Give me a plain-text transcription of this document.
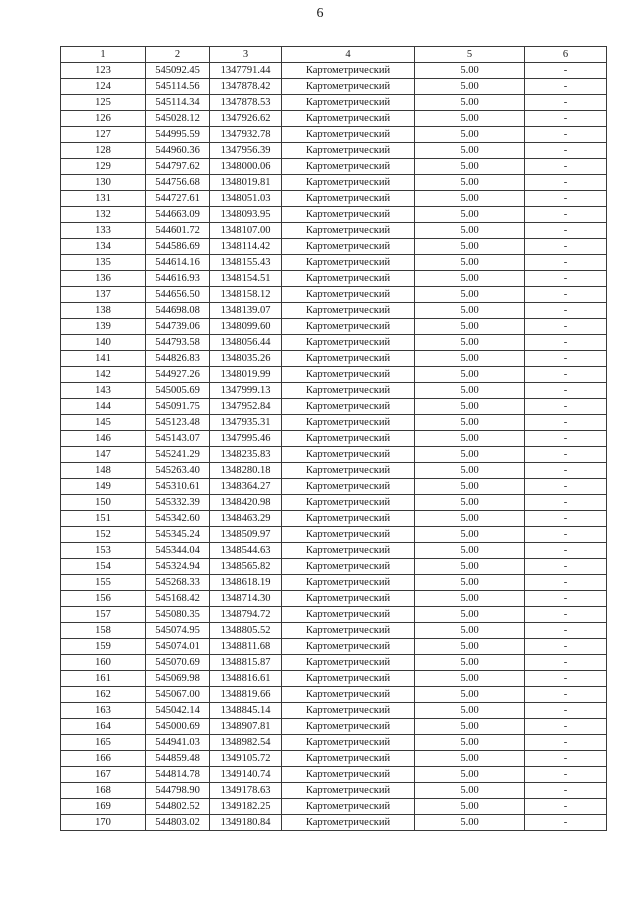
6
1	2	3	4	5	6
123	545092.45	1347791.44	Картометрический	5.00	-
124	545114.56	1347878.42	Картометрический	5.00	-
125	545114.34	1347878.53	Картометрический	5.00	-
126	545028.12	1347926.62	Картометрический	5.00	-
127	544995.59	1347932.78	Картометрический	5.00	-
128	544960.36	1347956.39	Картометрический	5.00	-
129	544797.62	1348000.06	Картометрический	5.00	-
130	544756.68	1348019.81	Картометрический	5.00	-
131	544727.61	1348051.03	Картометрический	5.00	-
132	544663.09	1348093.95	Картометрический	5.00	-
133	544601.72	1348107.00	Картометрический	5.00	-
134	544586.69	1348114.42	Картометрический	5.00	-
135	544614.16	1348155.43	Картометрический	5.00	-
136	544616.93	1348154.51	Картометрический	5.00	-
137	544656.50	1348158.12	Картометрический	5.00	-
138	544698.08	1348139.07	Картометрический	5.00	-
139	544739.06	1348099.60	Картометрический	5.00	-
140	544793.58	1348056.44	Картометрический	5.00	-
141	544826.83	1348035.26	Картометрический	5.00	-
142	544927.26	1348019.99	Картометрический	5.00	-
143	545005.69	1347999.13	Картометрический	5.00	-
144	545091.75	1347952.84	Картометрический	5.00	-
145	545123.48	1347935.31	Картометрический	5.00	-
146	545143.07	1347995.46	Картометрический	5.00	-
147	545241.29	1348235.83	Картометрический	5.00	-
148	545263.40	1348280.18	Картометрический	5.00	-
149	545310.61	1348364.27	Картометрический	5.00	-
150	545332.39	1348420.98	Картометрический	5.00	-
151	545342.60	1348463.29	Картометрический	5.00	-
152	545345.24	1348509.97	Картометрический	5.00	-
153	545344.04	1348544.63	Картометрический	5.00	-
154	545324.94	1348565.82	Картометрический	5.00	-
155	545268.33	1348618.19	Картометрический	5.00	-
156	545168.42	1348714.30	Картометрический	5.00	-
157	545080.35	1348794.72	Картометрический	5.00	-
158	545074.95	1348805.52	Картометрический	5.00	-
159	545074.01	1348811.68	Картометрический	5.00	-
160	545070.69	1348815.87	Картометрический	5.00	-
161	545069.98	1348816.61	Картометрический	5.00	-
162	545067.00	1348819.66	Картометрический	5.00	-
163	545042.14	1348845.14	Картометрический	5.00	-
164	545000.69	1348907.81	Картометрический	5.00	-
165	544941.03	1348982.54	Картометрический	5.00	-
166	544859.48	1349105.72	Картометрический	5.00	-
167	544814.78	1349140.74	Картометрический	5.00	-
168	544798.90	1349178.63	Картометрический	5.00	-
169	544802.52	1349182.25	Картометрический	5.00	-
170	544803.02	1349180.84	Картометрический	5.00	-
